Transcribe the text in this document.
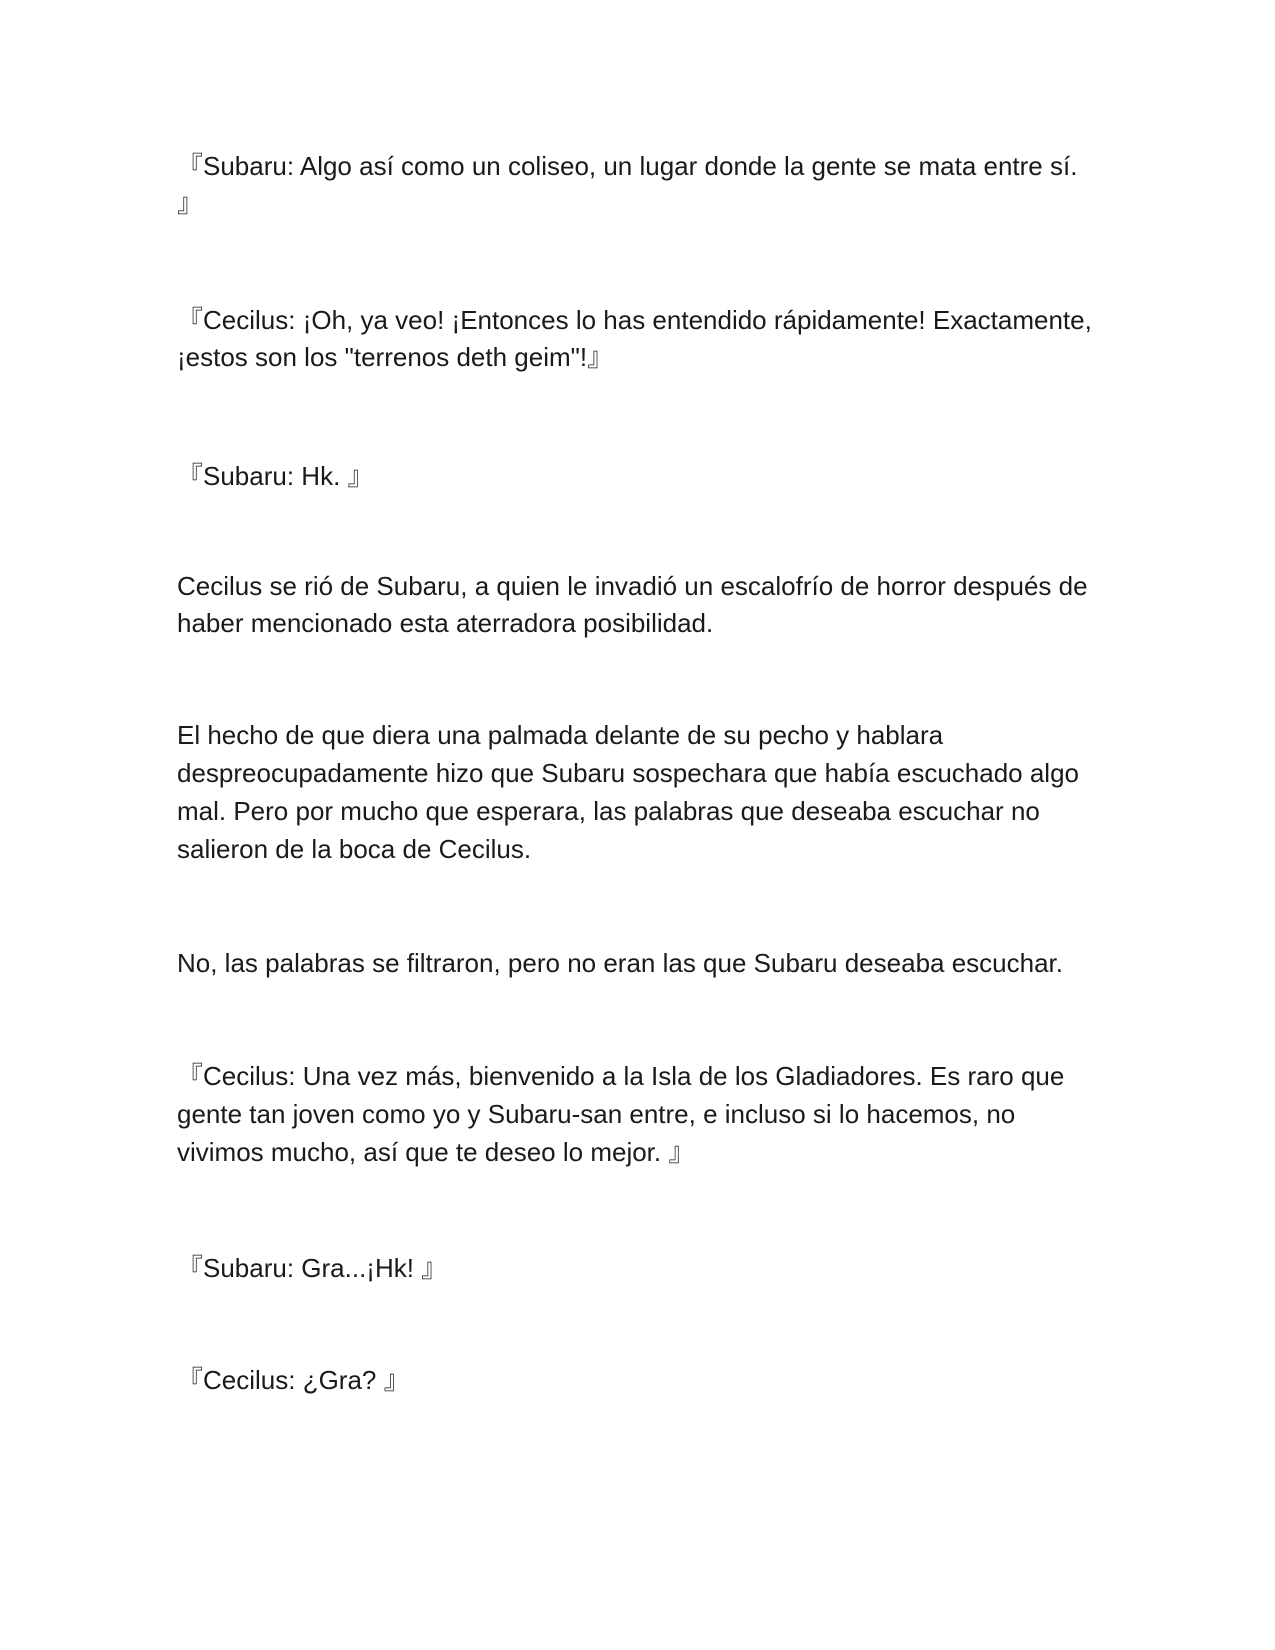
『Subaru: Algo así como un coliseo, un lugar donde la gente se mata entre sí. 』

『Cecilus: ¡Oh, ya veo! ¡Entonces lo has entendido rápidamente! Exactamente, ¡estos son los "terrenos deth geim"!』

『Subaru: Hk. 』

Cecilus se rió de Subaru, a quien le invadió un escalofrío de horror después de haber mencionado esta aterradora posibilidad.

El hecho de que diera una palmada delante de su pecho y hablara despreocupadamente hizo que Subaru sospechara que había escuchado algo mal. Pero por mucho que esperara, las palabras que deseaba escuchar no salieron de la boca de Cecilus.

No, las palabras se filtraron, pero no eran las que Subaru deseaba escuchar.

『Cecilus: Una vez más, bienvenido a la Isla de los Gladiadores. Es raro que gente tan joven como yo y Subaru-san entre, e incluso si lo hacemos, no vivimos mucho, así que te deseo lo mejor. 』

『Subaru: Gra...¡Hk! 』

『Cecilus: ¿Gra? 』
